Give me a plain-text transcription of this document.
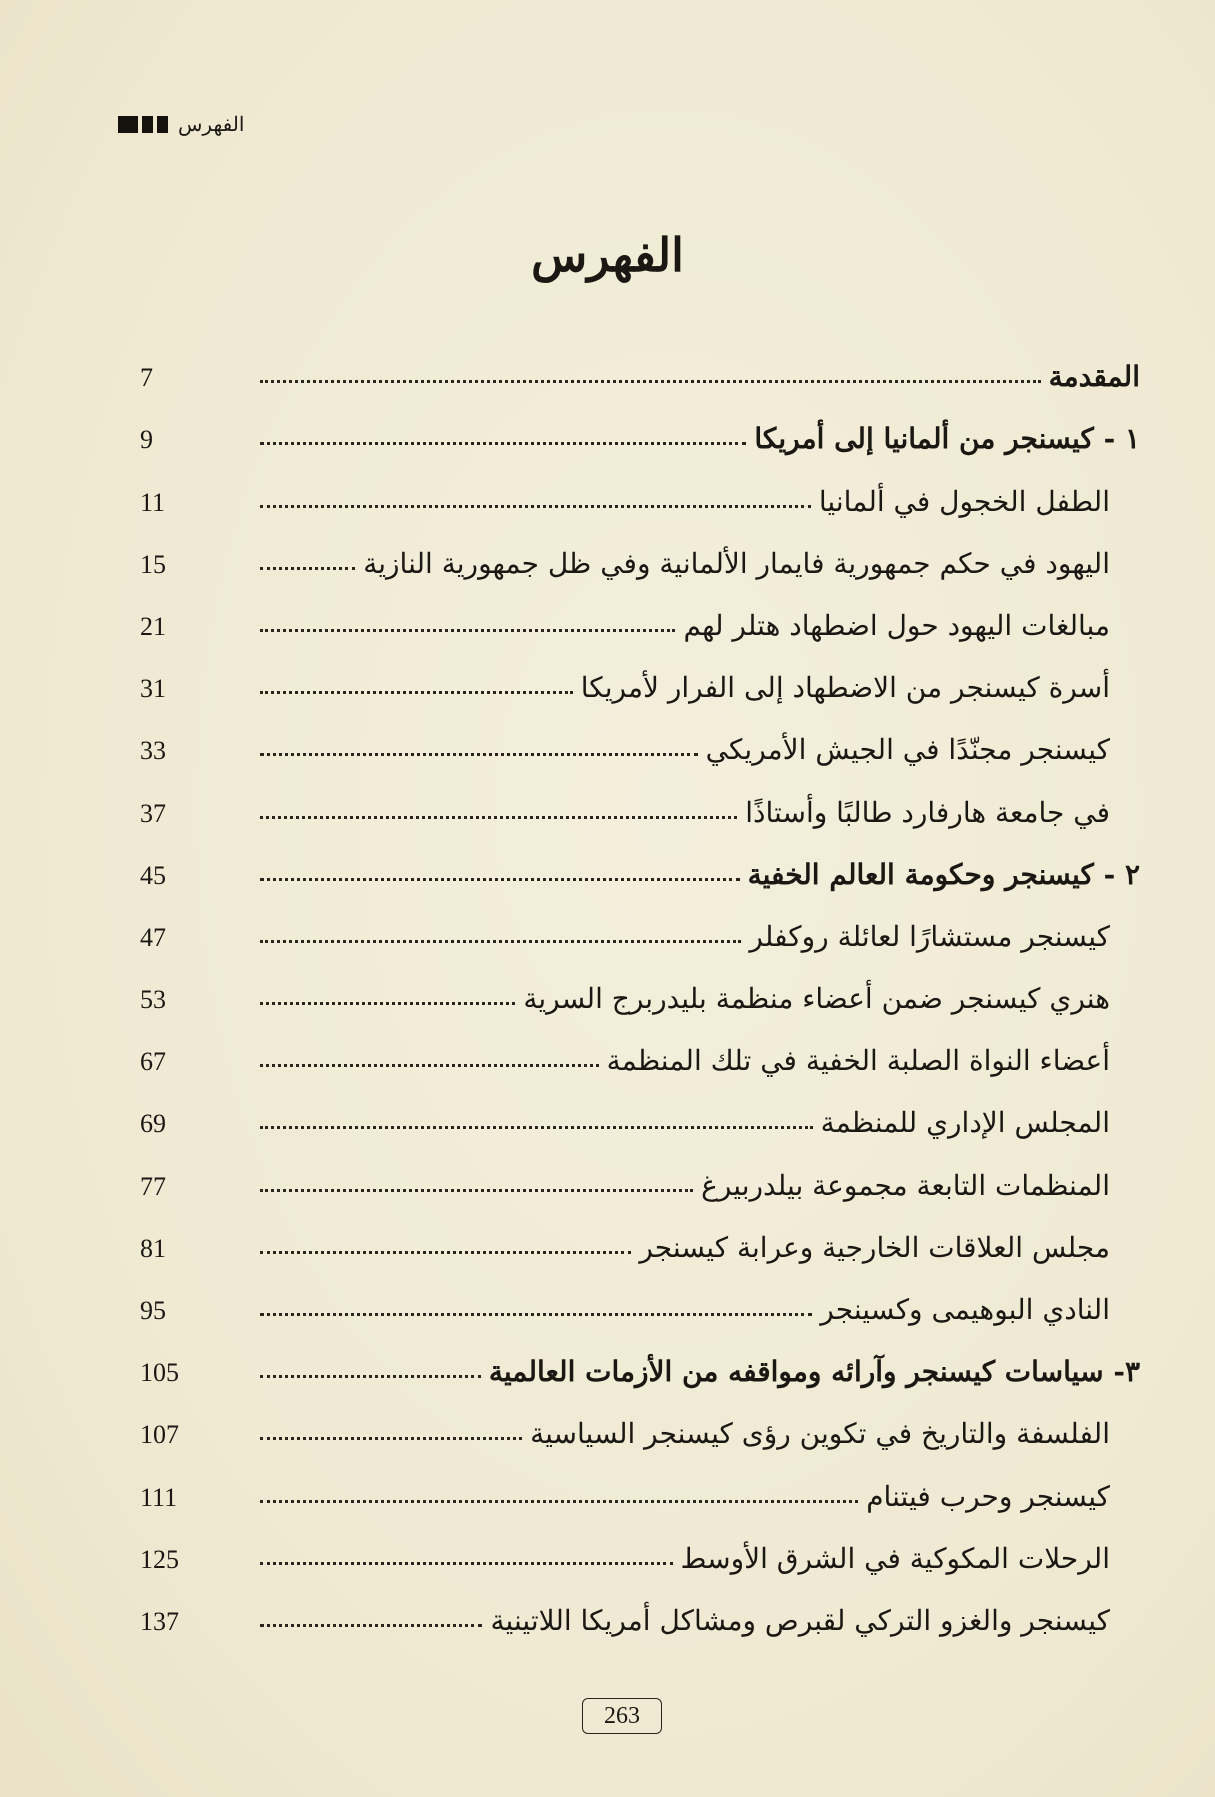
الفهرس
الفهرس
7	المقدمة
9	١ - كيسنجر من ألمانيا إلى أمريكا
11	الطفل الخجول في ألمانيا
15	اليهود في حكم جمهورية فايمار الألمانية وفي ظل جمهورية النازية
21	مبالغات اليهود حول اضطهاد هتلر لهم
31	أسرة كيسنجر من الاضطهاد إلى الفرار لأمريكا
33	كيسنجر مجنّدًا في الجيش الأمريكي
37	في جامعة هارفارد طالبًا وأستاذًا
45	٢ - كيسنجر وحكومة العالم الخفية
47	كيسنجر مستشارًا لعائلة روكفلر
53	هنري كيسنجر ضمن أعضاء منظمة بليدربرج السرية
67	أعضاء النواة الصلبة الخفية في تلك المنظمة
69	المجلس الإداري للمنظمة
77	المنظمات التابعة مجموعة بيلدربيرغ
81	مجلس العلاقات الخارجية وعرابة كيسنجر
95	النادي البوهيمى وكسينجر
105	٣- سياسات كيسنجر وآرائه ومواقفه من الأزمات العالمية
107	الفلسفة والتاريخ في تكوين رؤى كيسنجر السياسية
111	كيسنجر وحرب فيتنام
125	الرحلات المكوكية في الشرق الأوسط
137	كيسنجر والغزو التركي لقبرص ومشاكل أمريكا اللاتينية
263
